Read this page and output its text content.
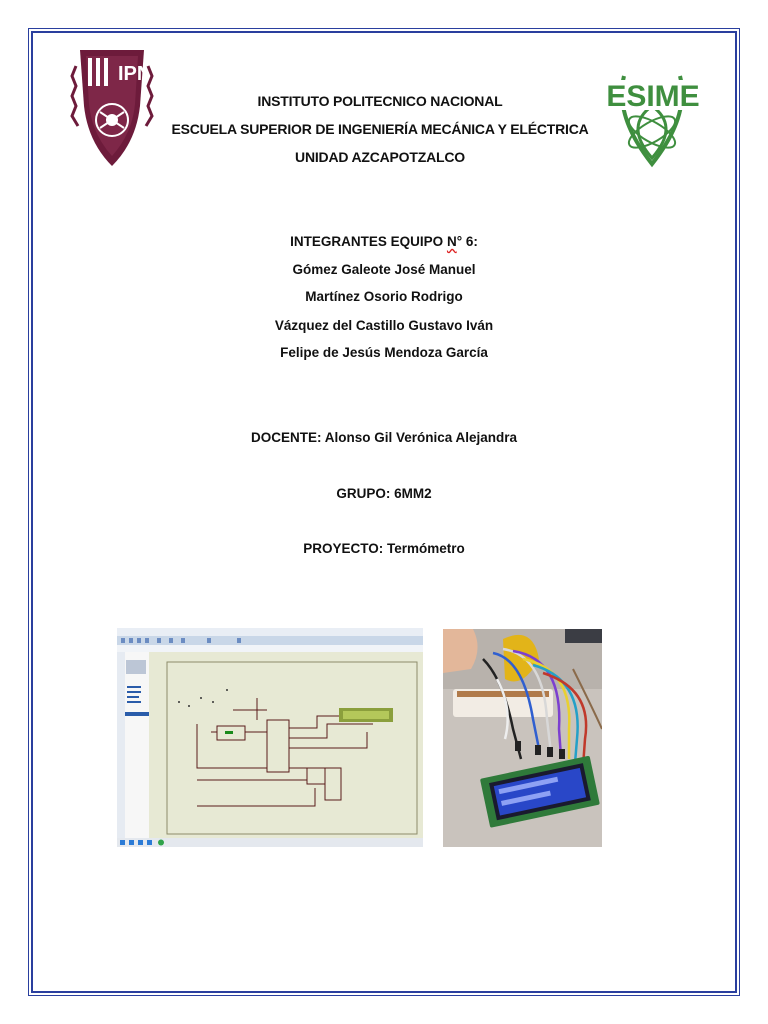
IPN
ESIME
INSTITUTO POLITECNICO NACIONAL
ESCUELA SUPERIOR DE INGENIERÍA MECÁNICA Y ELÉCTRICA
UNIDAD AZCAPOTZALCO
INTEGRANTES EQUIPO N° 6:
Gómez Galeote José Manuel
Martínez Osorio Rodrigo
Vázquez del Castillo Gustavo Iván
Felipe de Jesús Mendoza García
DOCENTE: Alonso Gil Verónica Alejandra
GRUPO: 6MM2
PROYECTO: Termómetro
